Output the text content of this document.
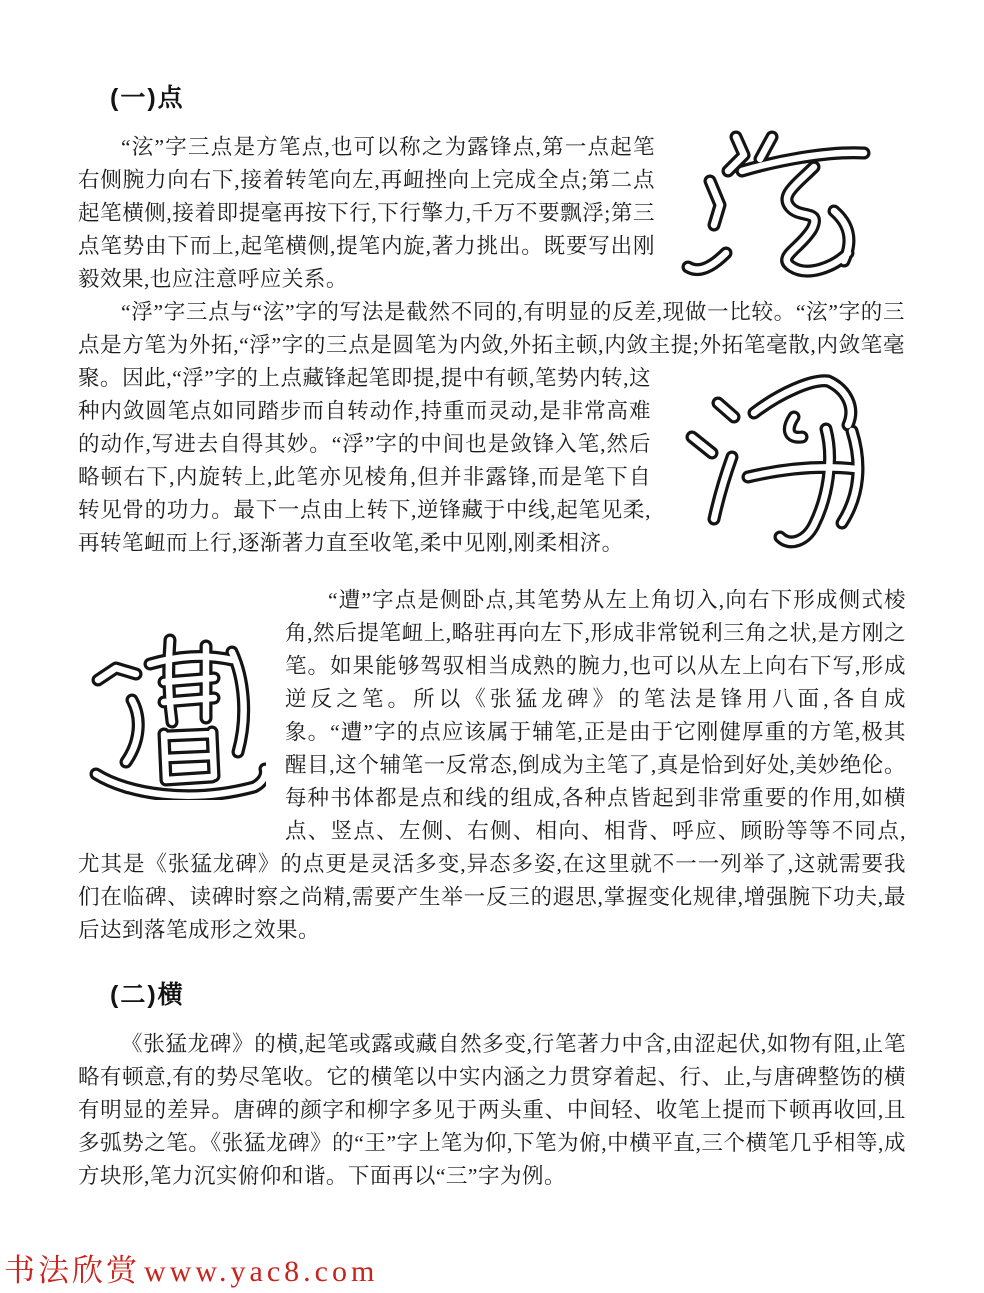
(一)点
“泫”字三点是方笔点,也可以称之为露锋点,第一点起笔右侧腕力向右下,接着转笔向左,再衄挫向上完成全点;第二点起笔横侧,接着即提毫再按下行,下行擎力,千万不要飘浮;第三点笔势由下而上,起笔横侧,提笔内旋,著力挑出。既要写出刚毅效果,也应注意呼应关系。
“浮”字三点与“泫”字的写法是截然不同的,有明显的反差,现做一比较。“泫”字的三点是方笔为外拓,“浮”字的三点是圆笔为内敛,外拓主顿,内敛主提;外拓笔毫散,内敛笔毫聚。因此,“浮”字的上点藏锋起笔即提,提中有顿,笔势内转,这种内敛圆笔点如同踏步而自转动作,持重而灵动,是非常高难的动作,写进去自得其妙。“浮”字的中间也是敛锋入笔,然后略顿右下,内旋转上,此笔亦见棱角,但并非露锋,而是笔下自转见骨的功力。最下一点由上转下,逆锋藏于中线,起笔见柔,再转笔衄而上行,逐渐著力直至收笔,柔中见刚,刚柔相济。
“遭”字点是侧卧点,其笔势从左上角切入,向右下形成侧式棱角,然后提笔衄上,略驻再向左下,形成非常锐利三角之状,是方刚之笔。如果能够驾驭相当成熟的腕力,也可以从左上向右下写,形成逆反之笔。所以《张猛龙碑》的笔法是锋用八面,各自成象。“遭”字的点应该属于辅笔,正是由于它刚健厚重的方笔,极其醒目,这个辅笔一反常态,倒成为主笔了,真是恰到好处,美妙绝伦。每种书体都是点和线的组成,各种点皆起到非常重要的作用,如横点、竖点、左侧、右侧、相向、相背、呼应、顾盼等等不同点,尤其是《张猛龙碑》的点更是灵活多变,异态多姿,在这里就不一一列举了,这就需要我们在临碑、读碑时察之尚精,需要产生举一反三的遐思,掌握变化规律,增强腕下功夫,最后达到落笔成形之效果。
(二)横
《张猛龙碑》的横,起笔或露或藏自然多变,行笔著力中含,由涩起伏,如物有阻,止笔略有顿意,有的势尽笔收。它的横笔以中实内涵之力贯穿着起、行、止,与唐碑整饬的横有明显的差异。唐碑的颜字和柳字多见于两头重、中间轻、收笔上提而下顿再收回,且多弧势之笔。《张猛龙碑》的“王”字上笔为仰,下笔为俯,中横平直,三个横笔几乎相等,成方块形,笔力沉实俯仰和谐。下面再以“三”字为例。
书法欣赏 www.yac8.com
